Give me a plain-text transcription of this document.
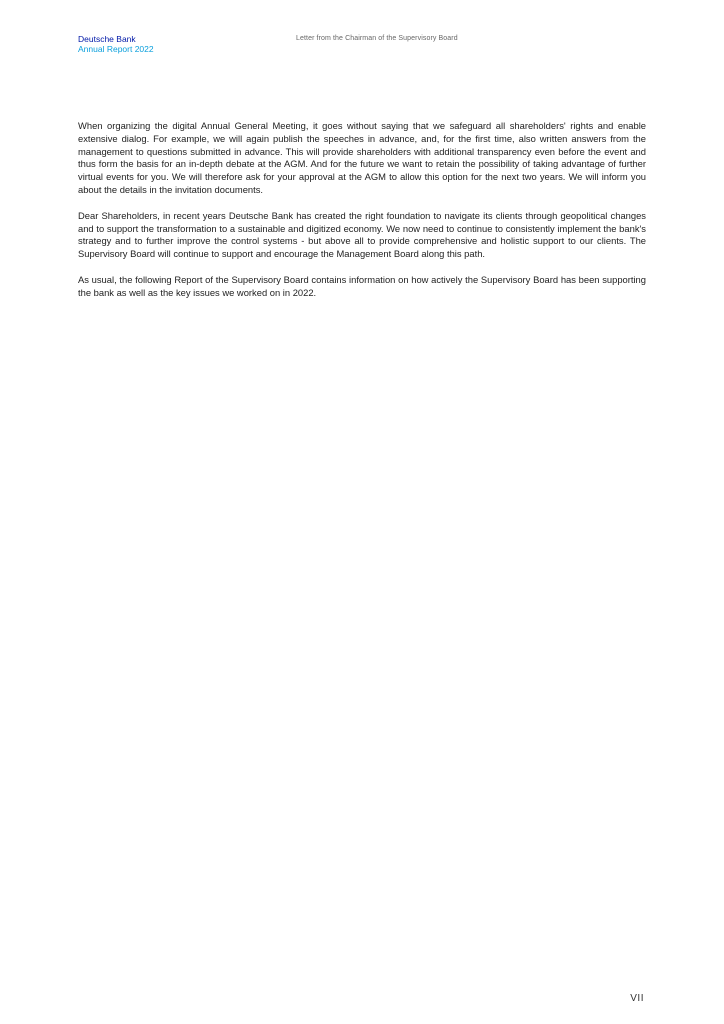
Deutsche Bank
Annual Report 2022
Letter from the Chairman of the Supervisory Board

When organizing the digital Annual General Meeting, it goes without saying that we safeguard all shareholders' rights and enable extensive dialog. For example, we will again publish the speeches in advance, and, for the first time, also written answers from the management to questions submitted in advance. This will provide shareholders with additional transparency even before the event and thus form the basis for an in-depth debate at the AGM. And for the future we want to retain the possibility of taking advantage of further virtual events for you. We will therefore ask for your approval at the AGM to allow this option for the next two years. We will inform you about the details in the invitation documents.

Dear Shareholders, in recent years Deutsche Bank has created the right foundation to navigate its clients through geopolitical changes and to support the transformation to a sustainable and digitized economy. We now need to continue to consistently implement the bank's strategy and to further improve the control systems - but above all to provide comprehensive and holistic support to our clients. The Supervisory Board will continue to support and encourage the Management Board along this path.

As usual, the following Report of the Supervisory Board contains information on how actively the Supervisory Board has been supporting the bank as well as the key issues we worked on in 2022.

VII
